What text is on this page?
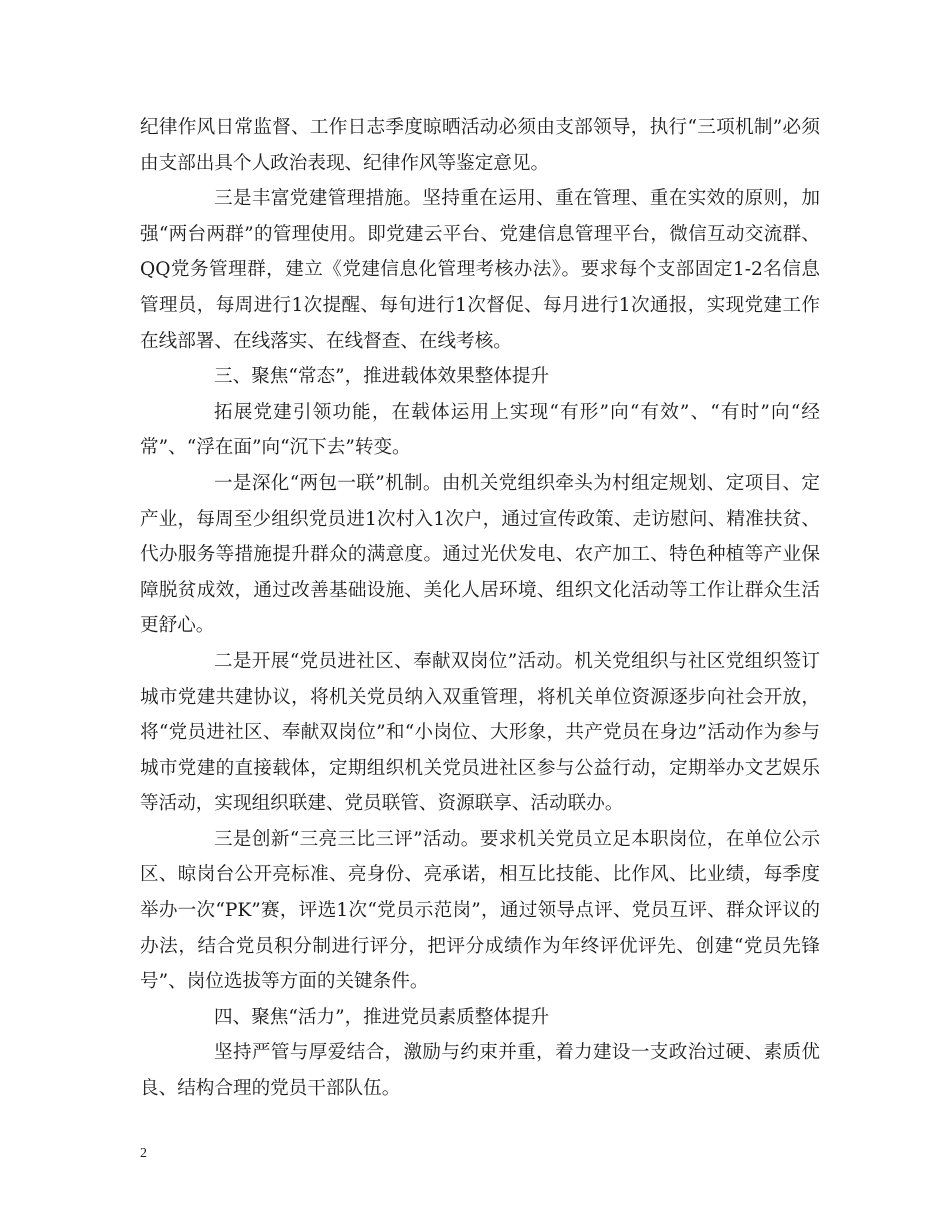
纪律作风日常监督、工作日志季度晾晒活动必须由支部领导，执行“三项机制”必须由支部出具个人政治表现、纪律作风等鉴定意见。

三是丰富党建管理措施。坚持重在运用、重在管理、重在实效的原则，加强“两台两群”的管理使用。即党建云平台、党建信息管理平台，微信互动交流群、QQ党务管理群，建立《党建信息化管理考核办法》。要求每个支部固定1-2名信息管理员，每周进行1次提醒、每旬进行1次督促、每月进行1次通报，实现党建工作在线部署、在线落实、在线督查、在线考核。

三、聚焦“常态”，推进载体效果整体提升

拓展党建引领功能，在载体运用上实现“有形”向“有效”、“有时”向“经常”、“浮在面”向“沉下去”转变。

一是深化“两包一联”机制。由机关党组织牵头为村组定规划、定项目、定产业，每周至少组织党员进1次村入1次户，通过宣传政策、走访慰问、精准扶贫、代办服务等措施提升群众的满意度。通过光伏发电、农产加工、特色种植等产业保障脱贫成效，通过改善基础设施、美化人居环境、组织文化活动等工作让群众生活更舒心。

二是开展“党员进社区、奉献双岗位”活动。机关党组织与社区党组织签订城市党建共建协议，将机关党员纳入双重管理，将机关单位资源逐步向社会开放，将“党员进社区、奉献双岗位”和“小岗位、大形象，共产党员在身边”活动作为参与城市党建的直接载体，定期组织机关党员进社区参与公益行动，定期举办文艺娱乐等活动，实现组织联建、党员联管、资源联享、活动联办。

三是创新“三亮三比三评”活动。要求机关党员立足本职岗位，在单位公示区、晾岗台公开亮标准、亮身份、亮承诺，相互比技能、比作风、比业绩，每季度举办一次“PK”赛，评选1次“党员示范岗”，通过领导点评、党员互评、群众评议的办法，结合党员积分制进行评分，把评分成绩作为年终评优评先、创建“党员先锋号”、岗位选拔等方面的关键条件。

四、聚焦“活力”，推进党员素质整体提升

坚持严管与厚爱结合，激励与约束并重，着力建设一支政治过硬、素质优良、结构合理的党员干部队伍。

2
